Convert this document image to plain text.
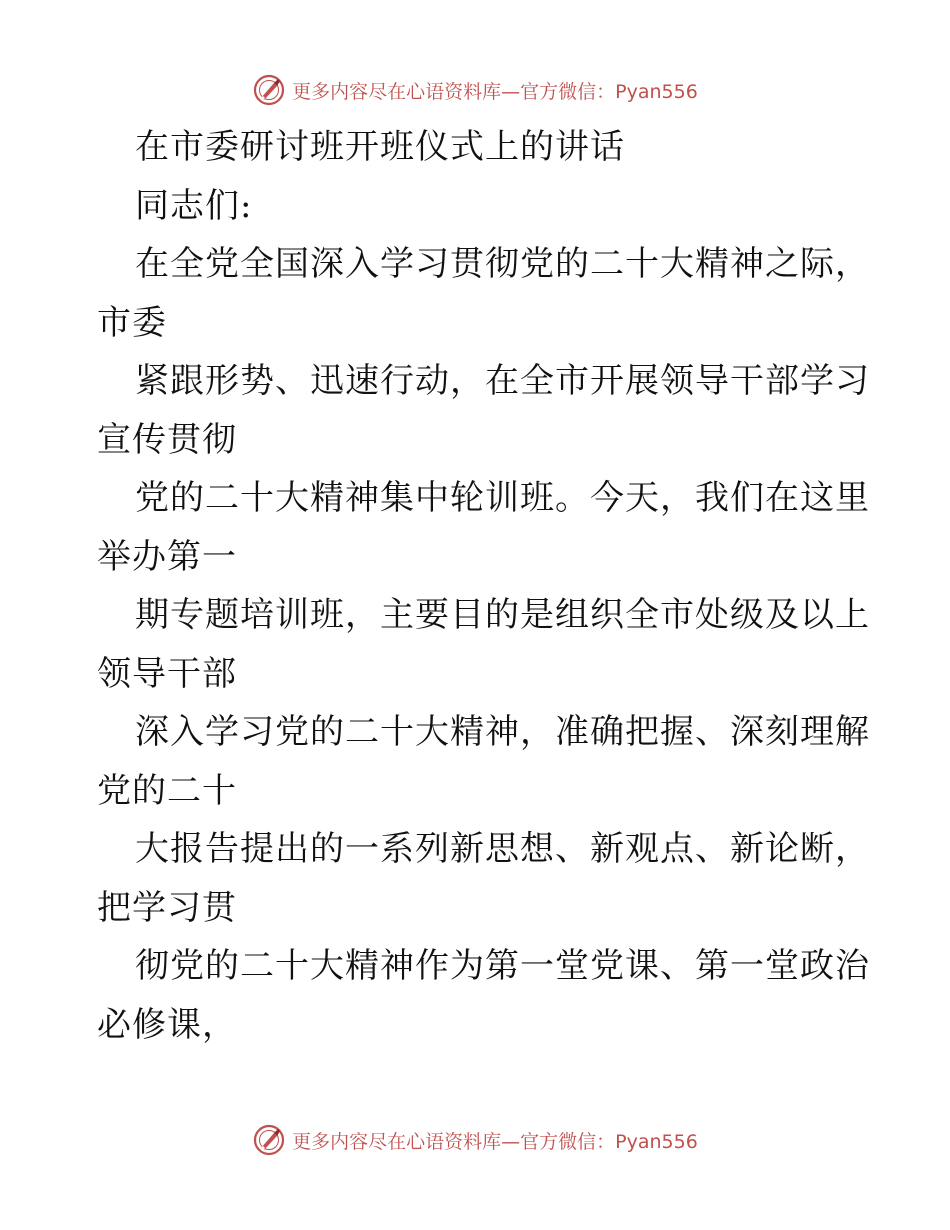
更多内容尽在心语资料库—官方微信：Pyan556
在市委研讨班开班仪式上的讲话
同志们:
在全党全国深入学习贯彻党的二十大精神之际，
市委
紧跟形势、迅速行动，在全市开展领导干部学习
宣传贯彻
党的二十大精神集中轮训班。今天，我们在这里
举办第一
期专题培训班，主要目的是组织全市处级及以上
领导干部
深入学习党的二十大精神，准确把握、深刻理解
党的二十
大报告提出的一系列新思想、新观点、新论断，
把学习贯
彻党的二十大精神作为第一堂党课、第一堂政治
必修课，
更多内容尽在心语资料库—官方微信：Pyan556
